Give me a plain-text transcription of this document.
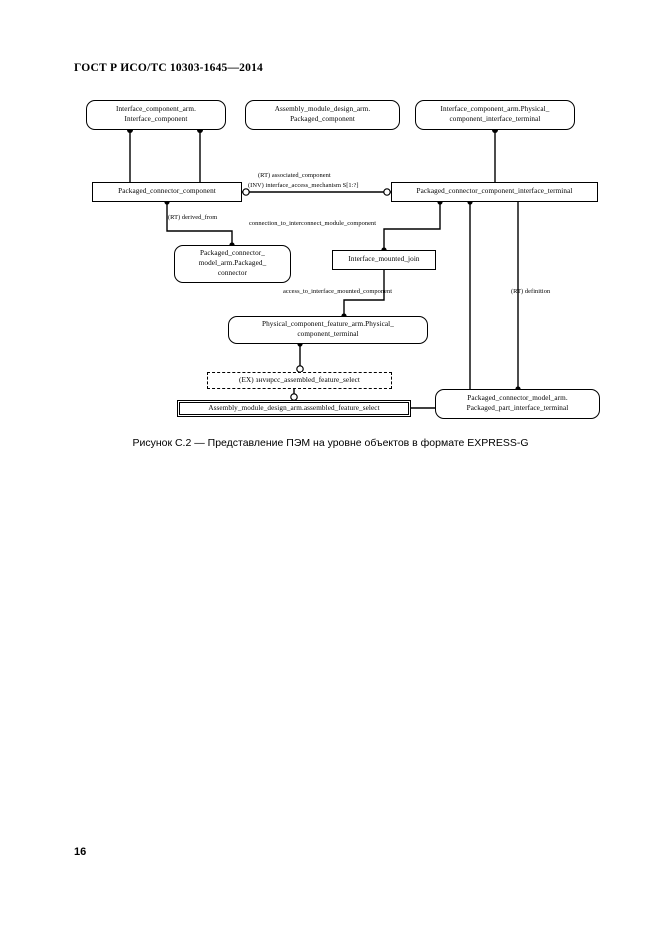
ГОСТ Р ИСО/ТС 10303-1645—2014
Interface_component_arm.
Interface_component
Assembly_module_design_arm.
Packaged_component
Interface_component_arm.Physical_
component_interface_terminal
Packaged_connector_component	Packaged_connector_component_interface_terminal
Packaged_connector_
model_arm.Packaged_
connector
Interface_mounted_join
Physical_component_feature_arm.Physical_
component_terminal
(EX) знvиpcc_assembled_feature_select
Assembly_module_design_arm.assembled_feature_select
Packaged_connector_model_arm.
Packaged_part_interface_terminal
(RT) associated_component
(INV) interface_access_mechanism S[1:?]
(RT) derived_from
connection_to_interconnect_module_component
access_to_interface_mounted_component	(RT) definition
Рисунок С.2 — Представление ПЭМ на уровне объектов в формате EXPRESS-G
16
